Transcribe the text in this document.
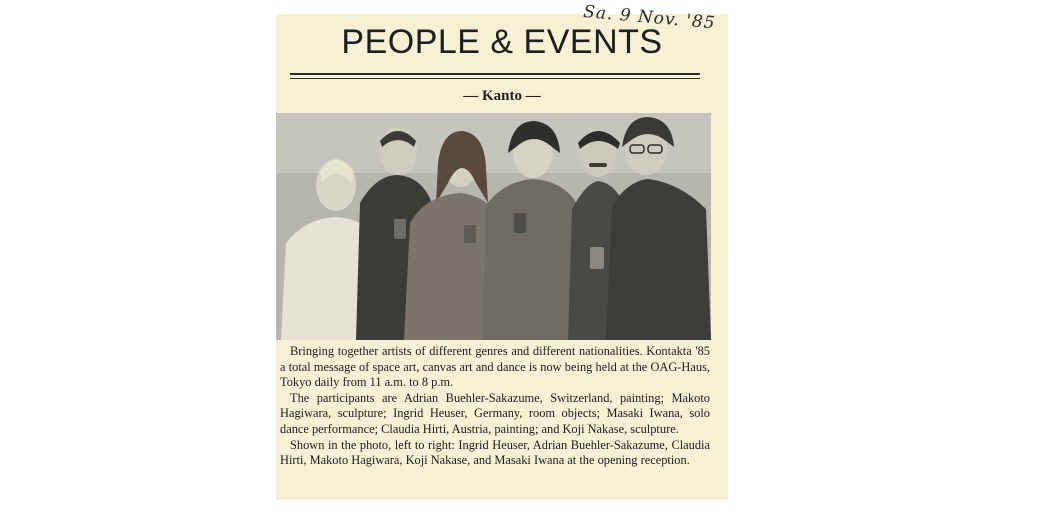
Sa. 9 Nov. '85
PEOPLE & EVENTS
— Kanto —

Bringing together artists of different genres and different nationalities. Kontakta '85 a total message of space art, canvas art and dance is now being held at the OAG-Haus, Tokyo daily from 11 a.m. to 8 p.m.

The participants are Adrian Buehler-Sakazume, Switzerland, painting; Makoto Hagiwara, sculpture; Ingrid Heuser, Germany, room objects; Masaki Iwana, solo dance performance; Claudia Hirti, Austria, painting; and Koji Nakase, sculpture.

Shown in the photo, left to right: Ingrid Heuser, Adrian Buehler-Sakazume, Claudia Hirti, Makoto Hagiwara, Koji Nakase, and Masaki Iwana at the opening reception.
